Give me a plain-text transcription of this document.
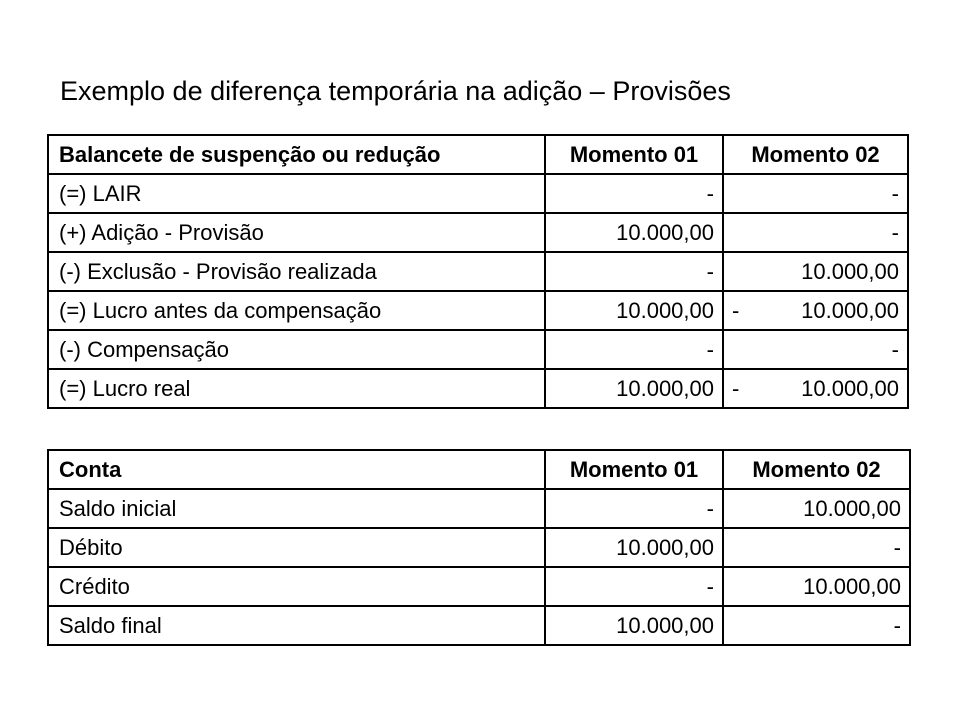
Exemplo de diferença temporária na adição – Provisões
Balancete de suspenção ou redução	Momento 01	Momento 02
(=) LAIR	-	-
(+) Adição - Provisão	10.000,00	-
(-) Exclusão - Provisão realizada	-	10.000,00
(=) Lucro antes da compensação	10.000,00	- 10.000,00

(-) Compensação	-	-
(=) Lucro real	10.000,00	- 10.000,00
Conta	Momento 01	Momento 02
Saldo inicial	-	10.000,00
Débito	10.000,00	-
Crédito	-	10.000,00
Saldo final	10.000,00	-
